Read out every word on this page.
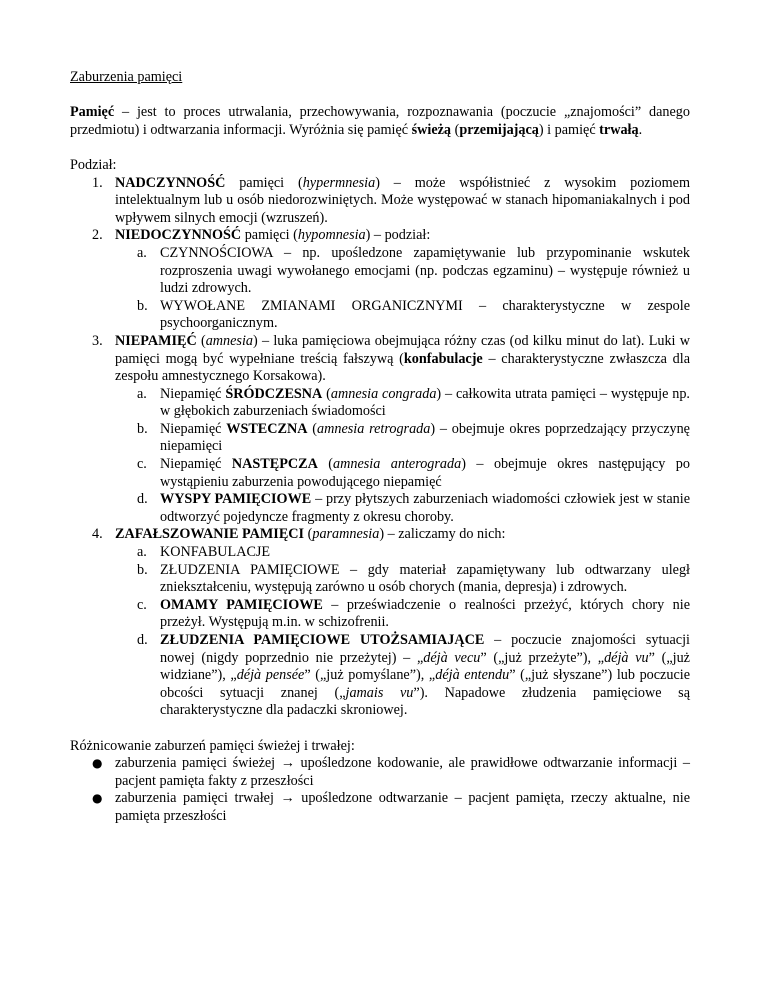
Zaburzenia pamięci

Pamięć – jest to proces utrwalania, przechowywania, rozpoznawania (poczucie „znajomości” danego przedmiotu) i odtwarzania informacji. Wyróżnia się pamięć świeżą (przemijającą) i pamięć trwałą.

Podział:

1. NADCZYNNOŚĆ pamięci (hypermnesia) – może współistnieć z wysokim poziomem intelektualnym lub u osób niedorozwiniętych. Może występować w stanach hipomaniakalnych i pod wpływem silnych emocji (wzruszeń).
2. NIEDOCZYNNOŚĆ pamięci (hypomnesia) – podział:
a. CZYNNOŚCIOWA – np. upośledzone zapamiętywanie lub przypominanie wskutek rozproszenia uwagi wywołanego emocjami (np. podczas egzaminu) – występuje również u ludzi zdrowych.
b. WYWOŁANE ZMIANAMI ORGANICZNYMI – charakterystyczne w zespole psychoorganicznym.
3. NIEPAMIĘĆ (amnesia) – luka pamięciowa obejmująca różny czas (od kilku minut do lat). Luki w pamięci mogą być wypełniane treścią fałszywą (konfabulacje – charakterystyczne zwłaszcza dla zespołu amnestycznego Korsakowa).
a. Niepamięć ŚRÓDCZESNA (amnesia congrada) – całkowita utrata pamięci – występuje np. w głębokich zaburzeniach świadomości
b. Niepamięć WSTECZNA (amnesia retrograda) – obejmuje okres poprzedzający przyczynę niepamięci
c. Niepamięć NASTĘPCZA (amnesia anterograda) – obejmuje okres następujący po wystąpieniu zaburzenia powodującego niepamięć
d. WYSPY PAMIĘCIOWE – przy płytszych zaburzeniach wiadomości człowiek jest w stanie odtworzyć pojedyncze fragmenty z okresu choroby.
4. ZAFAŁSZOWANIE PAMIĘCI (paramnesia) – zaliczamy do nich:
a. KONFABULACJE
b. ZŁUDZENIA PAMIĘCIOWE – gdy materiał zapamiętywany lub odtwarzany uległ zniekształceniu, występują zarówno u osób chorych (mania, depresja) i zdrowych.
c. OMAMY PAMIĘCIOWE – przeświadczenie o realności przeżyć, których chory nie przeżył. Występują m.in. w schizofrenii.
d. ZŁUDZENIA PAMIĘCIOWE UTOŻSAMIAJĄCE – poczucie znajomości sytuacji nowej (nigdy poprzednio nie przeżytej) – „déjà vecu” („już przeżyte”), „déjà vu” („już widziane”), „déjà pensée” („już pomyślane”), „déjà entendu” („już słyszane”) lub poczucie obcości sytuacji znanej („jamais vu”). Napadowe złudzenia pamięciowe są charakterystyczne dla padaczki skroniowej.

Różnicowanie zaburzeń pamięci świeżej i trwałej:

● zaburzenia pamięci świeżej → upośledzone kodowanie, ale prawidłowe odtwarzanie informacji – pacjent pamięta fakty z przeszłości
● zaburzenia pamięci trwałej → upośledzone odtwarzanie – pacjent pamięta, rzeczy aktualne, nie pamięta przeszłości
